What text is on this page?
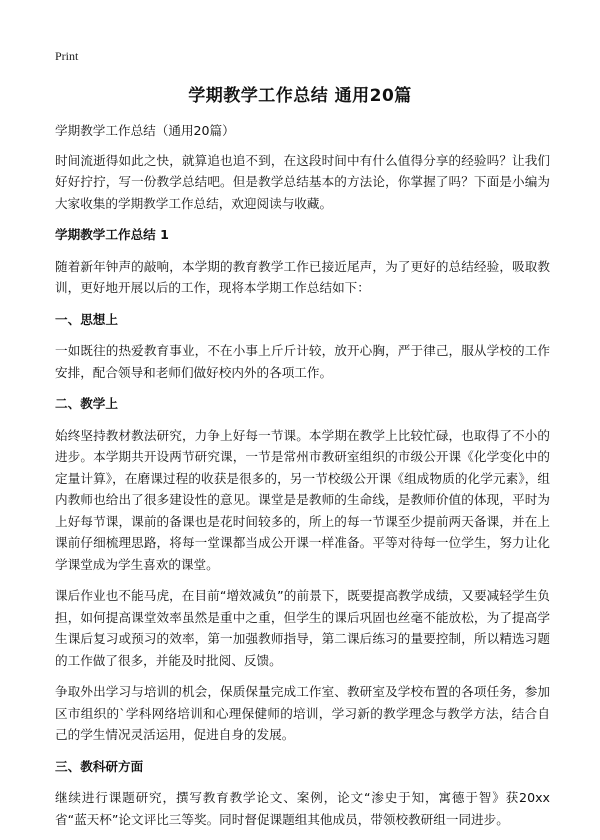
Print
学期教学工作总结 通用20篇

学期教学工作总结（通用20篇）

时间流逝得如此之快，就算追也追不到，在这段时间中有什么值得分享的经验吗？让我们好好拧拧，写一份教学总结吧。但是教学总结基本的方法论，你掌握了吗？下面是小编为大家收集的学期教学工作总结，欢迎阅读与收藏。

学期教学工作总结 1

随着新年钟声的敲响，本学期的教育教学工作已接近尾声，为了更好的总结经验，吸取教训，更好地开展以后的工作，现将本学期工作总结如下：

一、思想上

一如既往的热爱教育事业，不在小事上斤斤计较，放开心胸，严于律己，服从学校的工作安排，配合领导和老师们做好校内外的各项工作。

二、教学上

始终坚持教材教法研究，力争上好每一节课。本学期在教学上比较忙碌，也取得了不小的进步。本学期共开设两节研究课，一节是常州市教研室组织的市级公开课《化学变化中的定量计算》，在磨课过程的收获是很多的，另一节校级公开课《组成物质的化学元素》，组内教师也给出了很多建设性的意见。课堂是是教师的生命线，是教师价值的体现，平时为上好每节课，课前的备课也是花时间较多的，所上的每一节课至少提前两天备课，并在上课前仔细梳理思路，将每一堂课都当成公开课一样准备。平等对待每一位学生，努力让化学课堂成为学生喜欢的课堂。

课后作业也不能马虎，在目前“增效减负”的前景下，既要提高教学成绩，又要减轻学生负担，如何提高课堂效率虽然是重中之重，但学生的课后巩固也丝毫不能放松，为了提高学生课后复习或预习的效率，第一加强教师指导，第二课后练习的量要控制，所以精选习题的工作做了很多，并能及时批阅、反馈。

争取外出学习与培训的机会，保质保量完成工作室、教研室及学校布置的各项任务，参加区市组织的`学科网络培训和心理保健师的培训，学习新的教学理念与教学方法，结合自己的学生情况灵活运用，促进自身的发展。

三、教科研方面

继续进行课题研究，撰写教育教学论文、案例，论文“渗史于知，寓德于智》获20xx省“蓝天杯”论文评比三等奖。同时督促课题组其他成员，带领校教研组一同进步。
